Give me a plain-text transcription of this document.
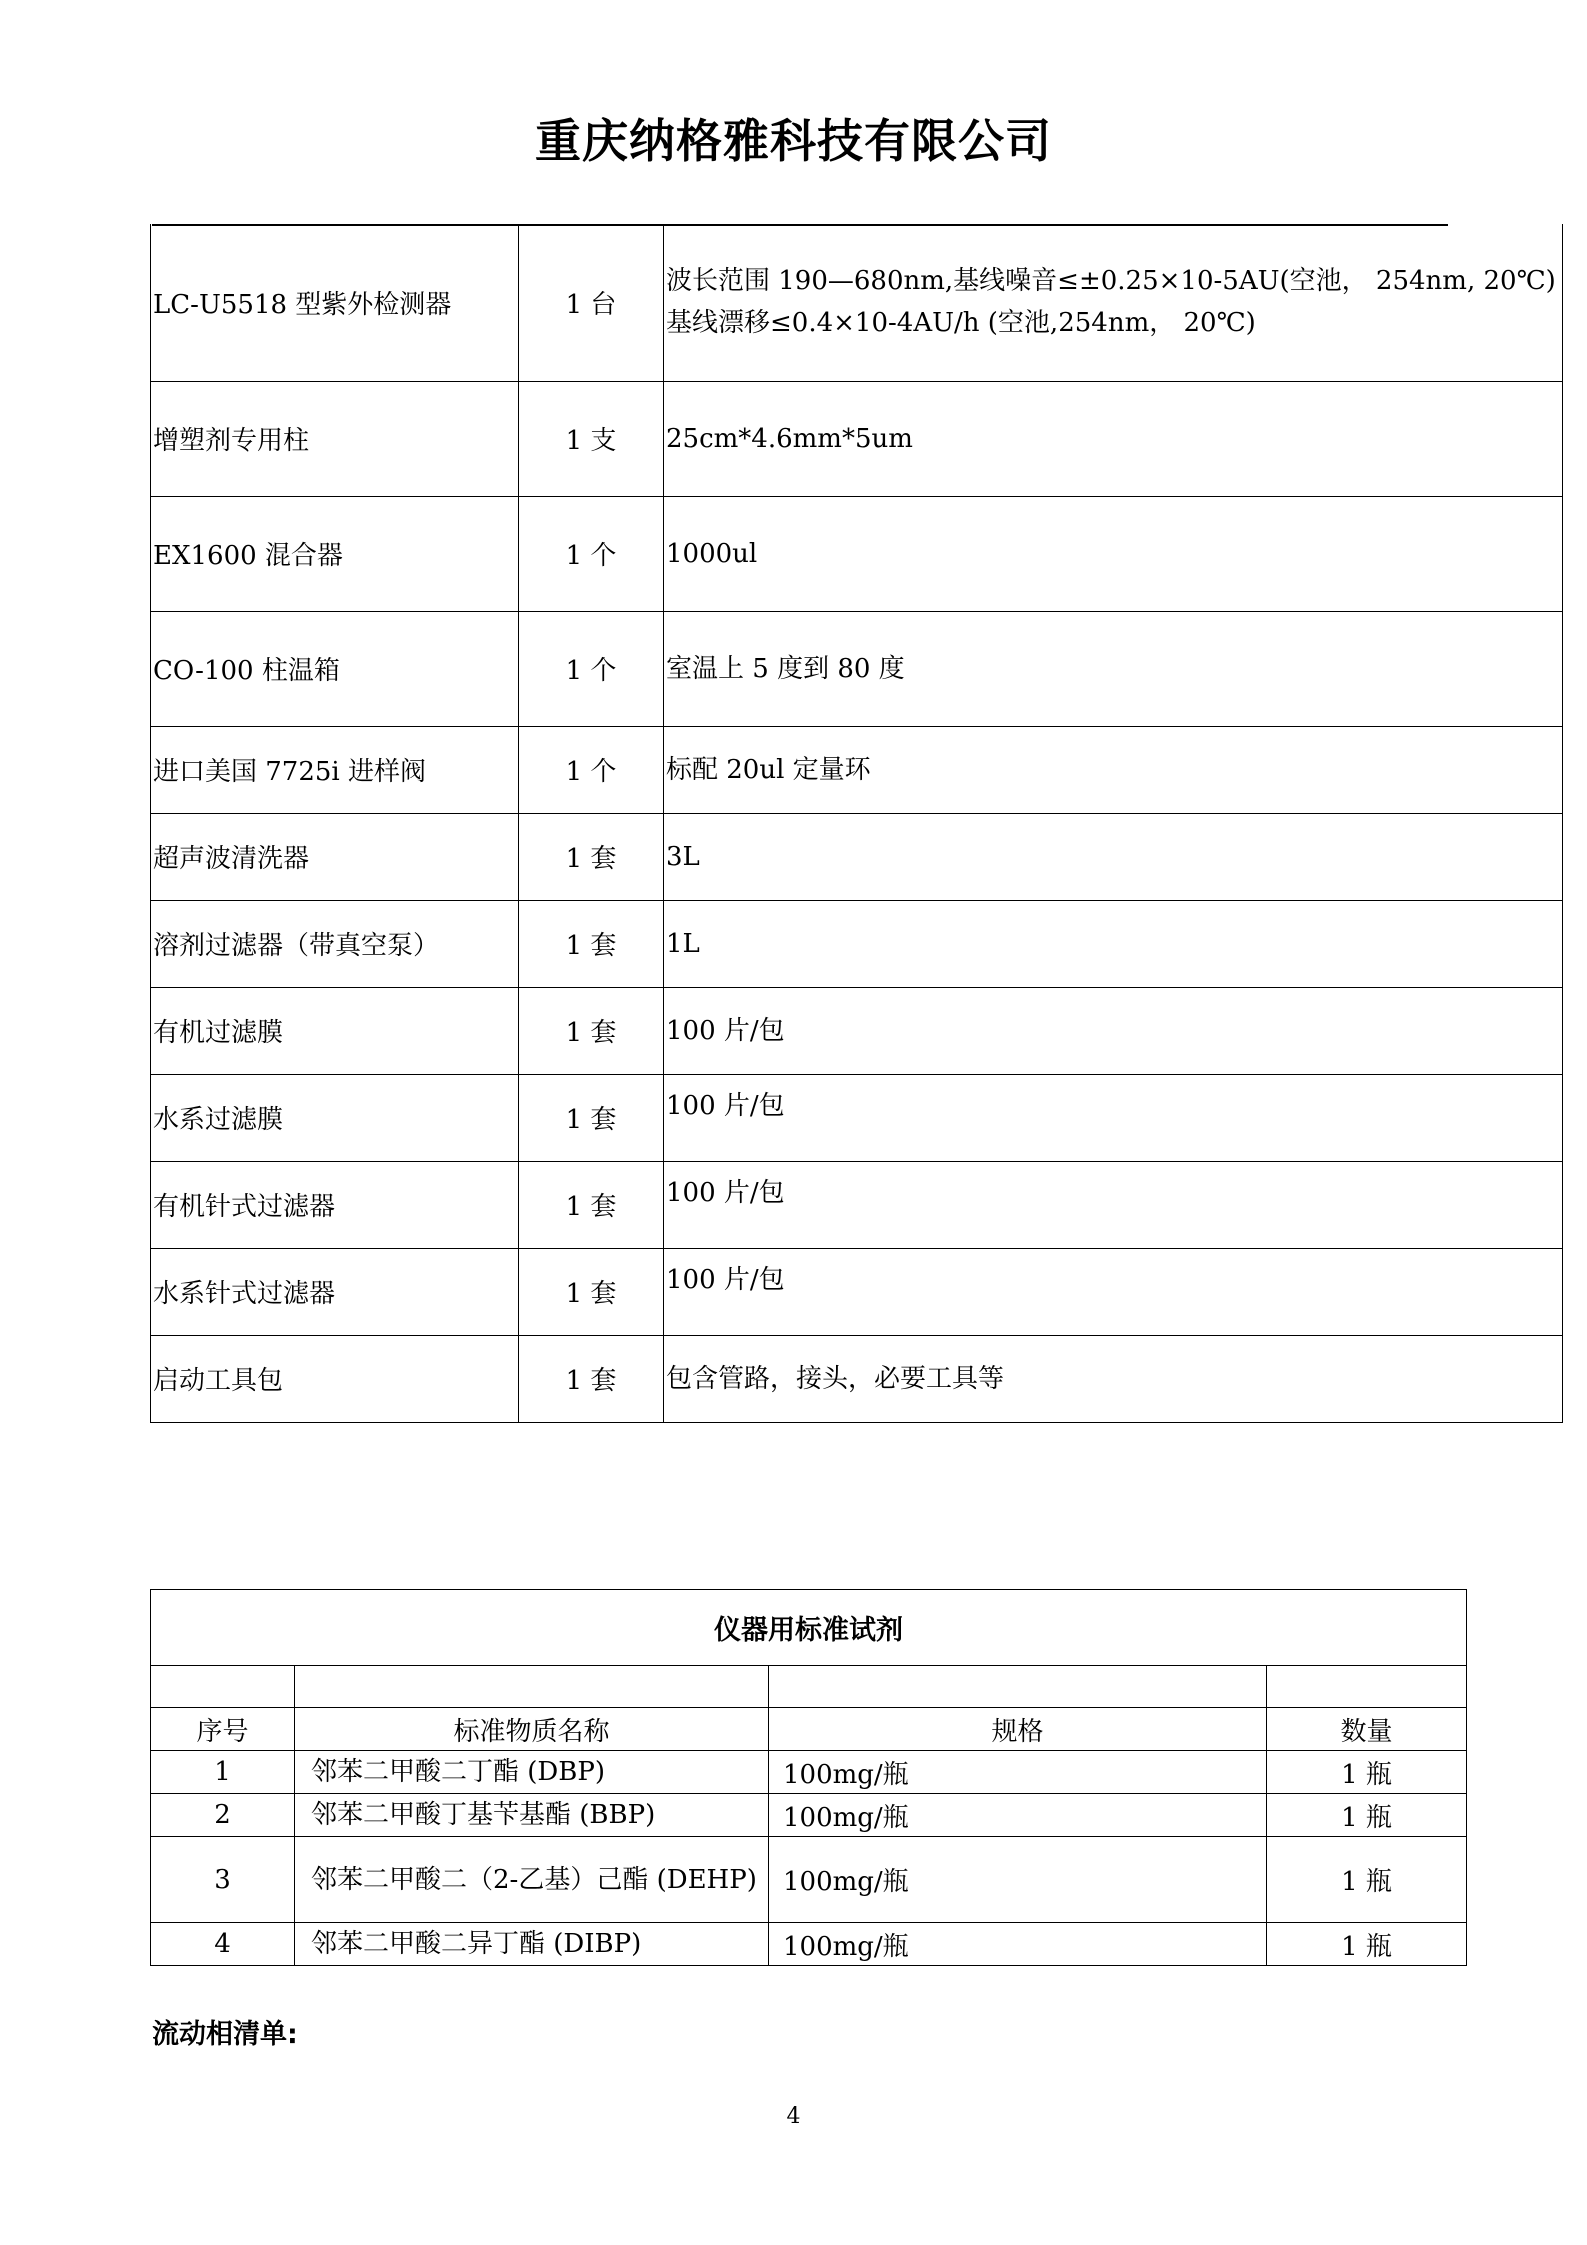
重庆纳格雅科技有限公司
LC-U5518 型紫外检测器	1 台	波长范围 190—680nm,基线噪音≤±0.25×10-5AU(空池， 254nm, 20℃) 基线漂移≤0.4×10-4AU/h (空池,254nm， 20℃)
增塑剂专用柱	1 支	25cm*4.6mm*5um
EX1600 混合器	1 个	1000ul
CO-100 柱温箱	1 个	室温上 5 度到 80 度
进口美国 7725i 进样阀	1 个	标配 20ul 定量环
超声波清洗器	1 套	3L
溶剂过滤器（带真空泵）	1 套	1L
有机过滤膜	1 套	100 片/包
水系过滤膜	1 套	100 片/包
有机针式过滤器	1 套	100 片/包
水系针式过滤器	1 套	100 片/包
启动工具包	1 套	包含管路，接头，必要工具等
仪器用标准试剂			

序号	标准物质名称	规格	数量
1	邻苯二甲酸二丁酯 (DBP)	100mg/瓶	1 瓶
2	邻苯二甲酸丁基苄基酯 (BBP)	100mg/瓶	1 瓶
3	邻苯二甲酸二（2-乙基）己酯 (DEHP)	100mg/瓶	1 瓶
4	邻苯二甲酸二异丁酯 (DIBP)	100mg/瓶	1 瓶
流动相清单:
4
